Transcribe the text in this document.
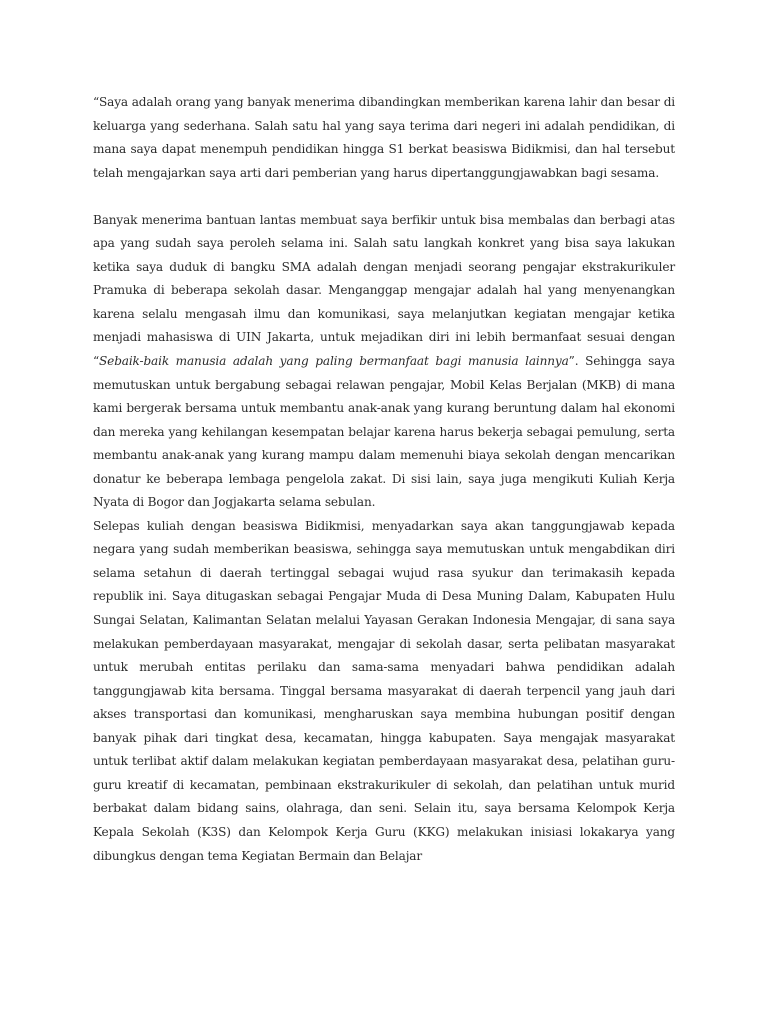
“Saya adalah orang yang banyak menerima dibandingkan memberikan karena lahir dan besar di keluarga yang sederhana. Salah satu hal yang saya terima dari negeri ini adalah pendidikan, di mana saya dapat menempuh pendidikan hingga S1 berkat beasiswa Bidikmisi, dan hal tersebut telah mengajarkan saya arti dari pemberian yang harus dipertanggungjawabkan bagi sesama.

Banyak menerima bantuan lantas membuat saya berfikir untuk bisa membalas dan berbagi atas apa yang sudah saya peroleh selama ini. Salah satu langkah konkret yang bisa saya lakukan ketika saya duduk di bangku SMA adalah dengan menjadi seorang pengajar ekstrakurikuler Pramuka di beberapa sekolah dasar. Menganggap mengajar adalah hal yang menyenangkan karena selalu mengasah ilmu dan komunikasi, saya melanjutkan kegiatan mengajar ketika menjadi mahasiswa di UIN Jakarta, untuk mejadikan diri ini lebih bermanfaat sesuai dengan “Sebaik-baik manusia adalah yang paling bermanfaat bagi manusia lainnya”. Sehingga saya memutuskan untuk bergabung sebagai relawan pengajar, Mobil Kelas Berjalan (MKB) di mana kami bergerak bersama untuk membantu anak-anak yang kurang beruntung dalam hal ekonomi dan mereka yang kehilangan kesempatan belajar karena harus bekerja sebagai pemulung, serta membantu anak-anak yang kurang mampu dalam memenuhi biaya sekolah dengan mencarikan donatur ke beberapa lembaga pengelola zakat. Di sisi lain, saya juga mengikuti Kuliah Kerja Nyata di Bogor dan Jogjakarta selama sebulan.

Selepas kuliah dengan beasiswa Bidikmisi, menyadarkan saya akan tanggungjawab kepada negara yang sudah memberikan beasiswa, sehingga saya memutuskan untuk mengabdikan diri selama setahun di daerah tertinggal sebagai wujud rasa syukur dan terimakasih kepada republik ini. Saya ditugaskan sebagai Pengajar Muda di Desa Muning Dalam, Kabupaten Hulu Sungai Selatan, Kalimantan Selatan melalui Yayasan Gerakan Indonesia Mengajar, di sana saya melakukan pemberdayaan masyarakat, mengajar di sekolah dasar, serta pelibatan masyarakat untuk merubah entitas perilaku dan sama-sama menyadari bahwa pendidikan adalah tanggungjawab kita bersama. Tinggal bersama masyarakat di daerah terpencil yang jauh dari akses transportasi dan komunikasi, mengharuskan saya membina hubungan positif dengan banyak pihak dari tingkat desa, kecamatan, hingga kabupaten. Saya mengajak masyarakat untuk terlibat aktif dalam melakukan kegiatan pemberdayaan masyarakat desa, pelatihan guru-guru kreatif di kecamatan, pembinaan ekstrakurikuler di sekolah, dan pelatihan untuk murid berbakat dalam bidang sains, olahraga, dan seni. Selain itu, saya bersama Kelompok Kerja Kepala Sekolah (K3S) dan Kelompok Kerja Guru (KKG) melakukan inisiasi lokakarya yang dibungkus dengan tema Kegiatan Bermain dan Belajar
